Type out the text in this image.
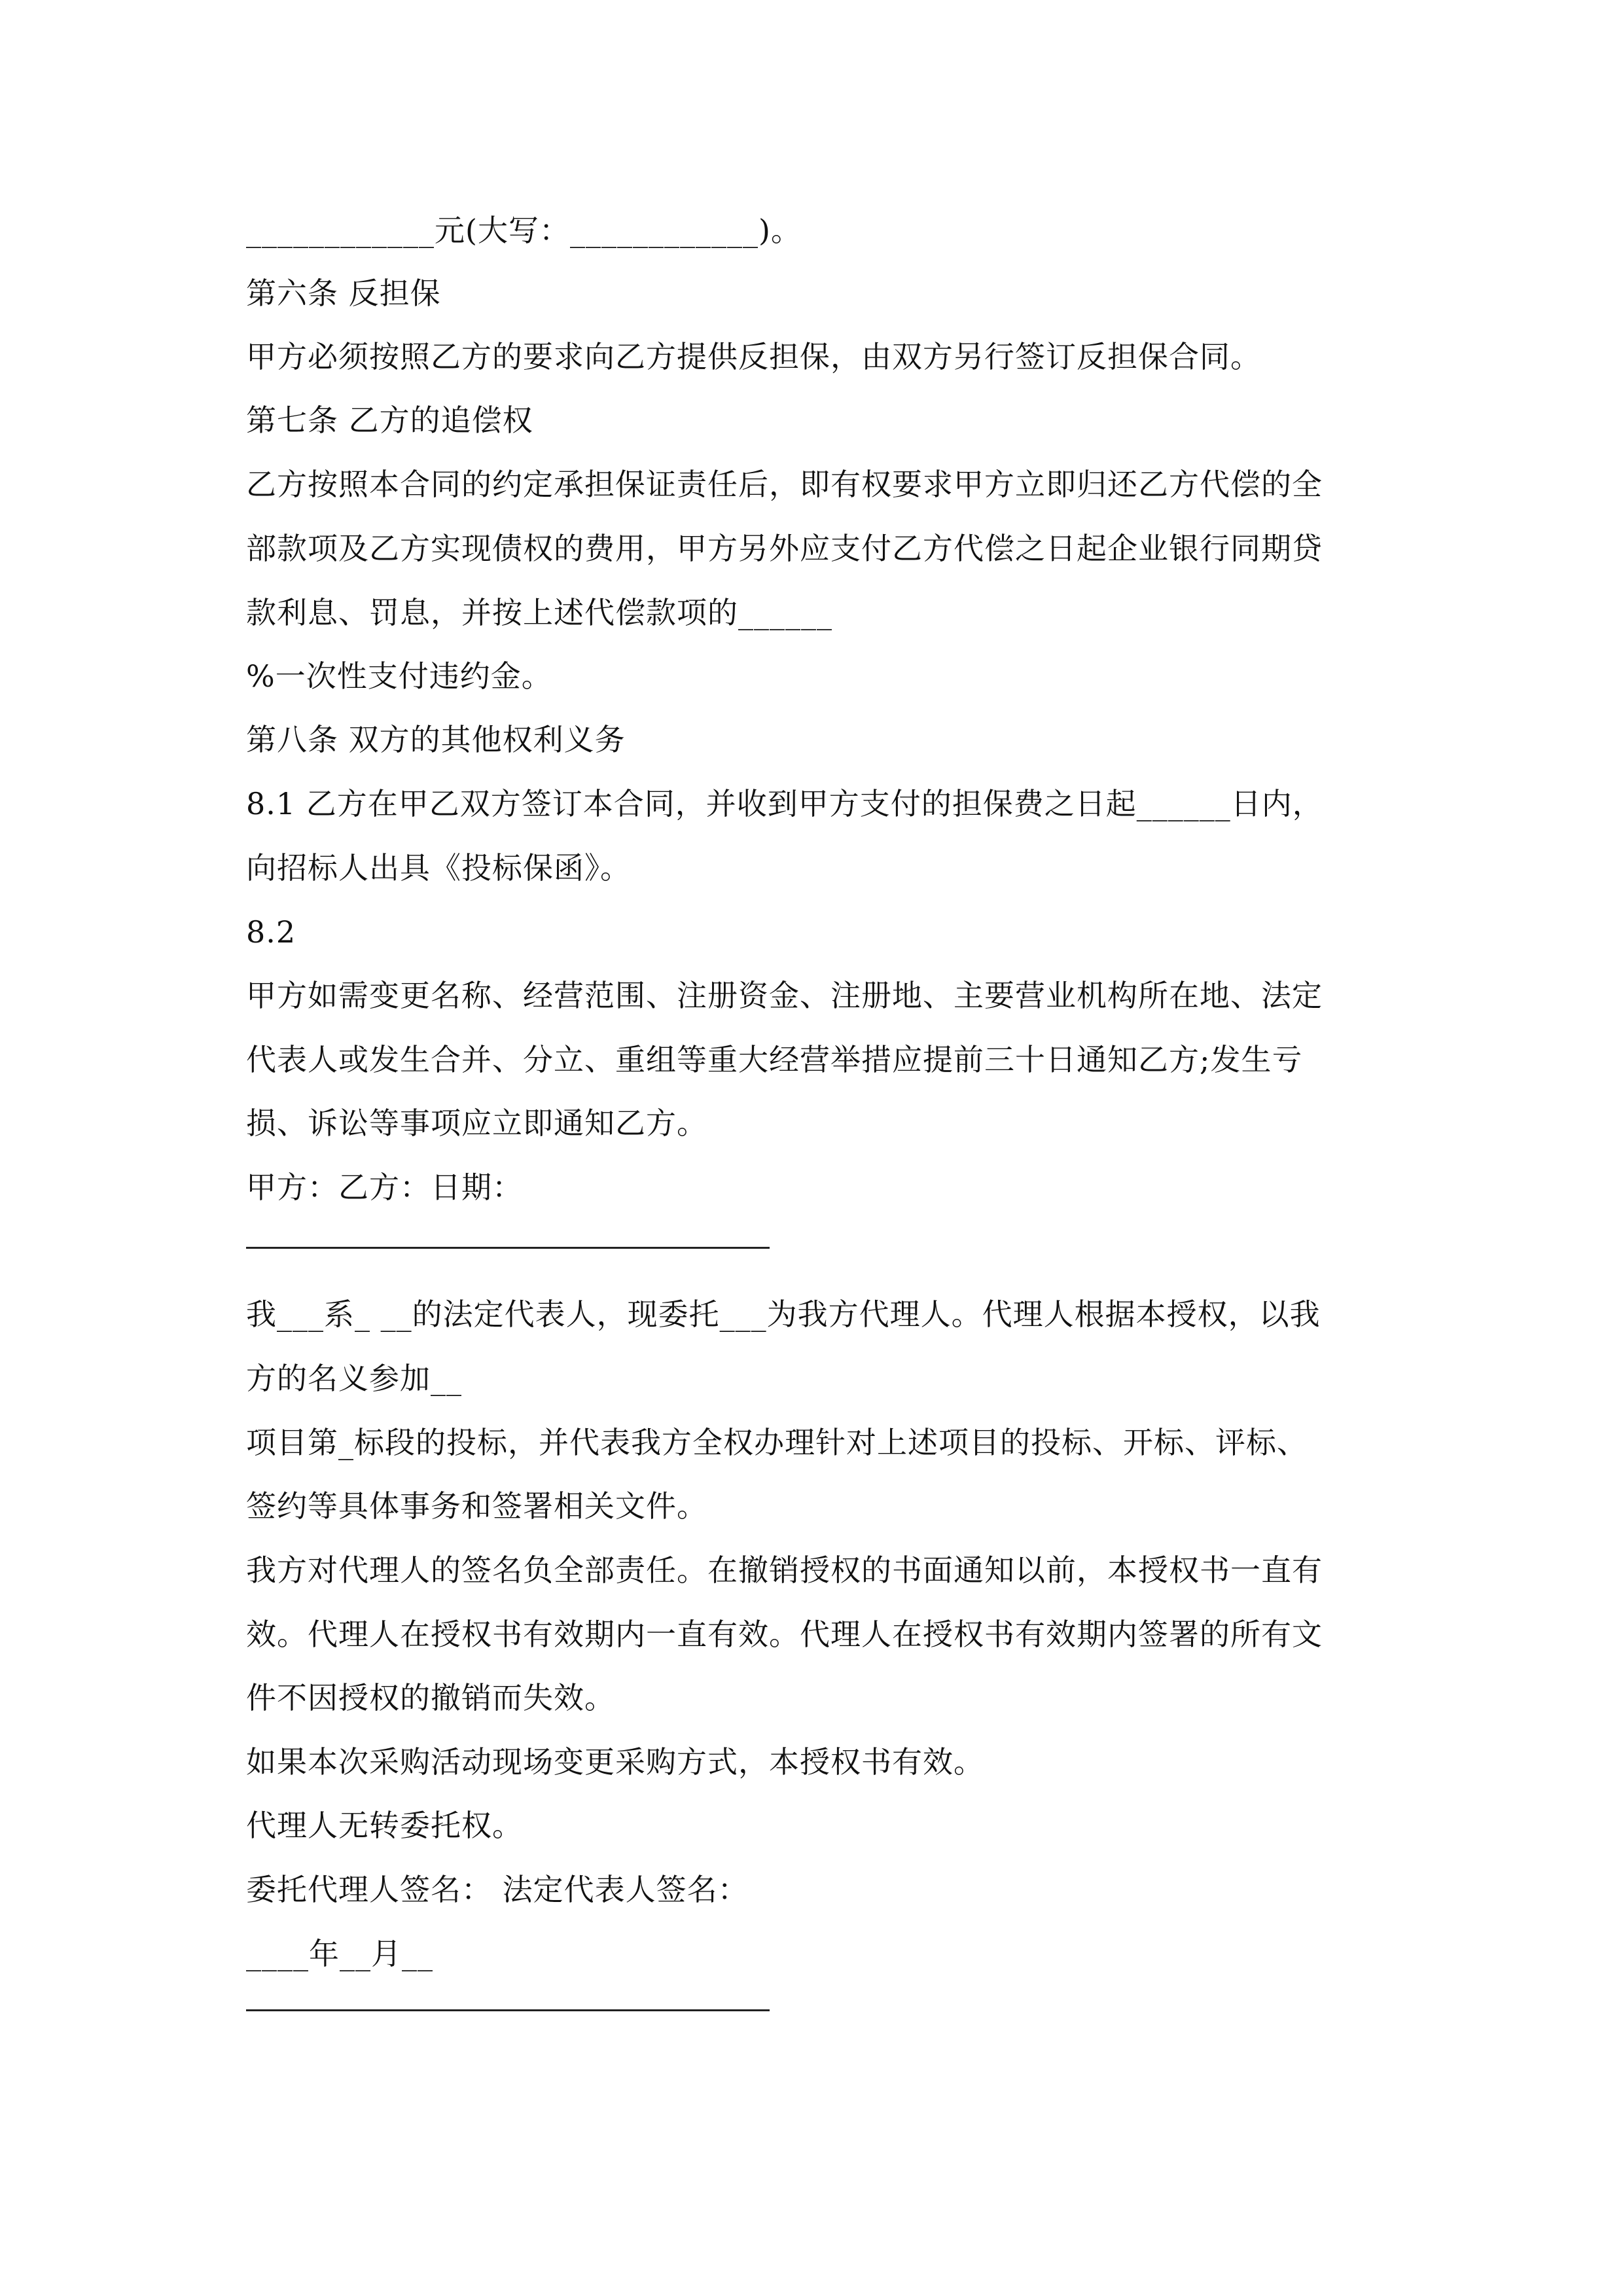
____________元(大写：____________)。
第六条 反担保
甲方必须按照乙方的要求向乙方提供反担保，由双方另行签订反担保合同。
第七条 乙方的追偿权
乙方按照本合同的约定承担保证责任后，即有权要求甲方立即归还乙方代偿的全
部款项及乙方实现债权的费用，甲方另外应支付乙方代偿之日起企业银行同期贷
款利息、罚息，并按上述代偿款项的______
%一次性支付违约金。
第八条 双方的其他权利义务
8.1 乙方在甲乙双方签订本合同，并收到甲方支付的担保费之日起______日内，
向招标人出具《投标保函》。
8.2
甲方如需变更名称、经营范围、注册资金、注册地、主要营业机构所在地、法定
代表人或发生合并、分立、重组等重大经营举措应提前三十日通知乙方;发生亏
损、诉讼等事项应立即通知乙方。
甲方：乙方：日期：
我___系_ __的法定代表人，现委托___为我方代理人。代理人根据本授权，以我
方的名义参加__
项目第_标段的投标，并代表我方全权办理针对上述项目的投标、开标、评标、
签约等具体事务和签署相关文件。
我方对代理人的签名负全部责任。在撤销授权的书面通知以前，本授权书一直有
效。代理人在授权书有效期内一直有效。代理人在授权书有效期内签署的所有文
件不因授权的撤销而失效。
如果本次采购活动现场变更采购方式，本授权书有效。
代理人无转委托权。
委托代理人签名： 法定代表人签名：
____年__月__
